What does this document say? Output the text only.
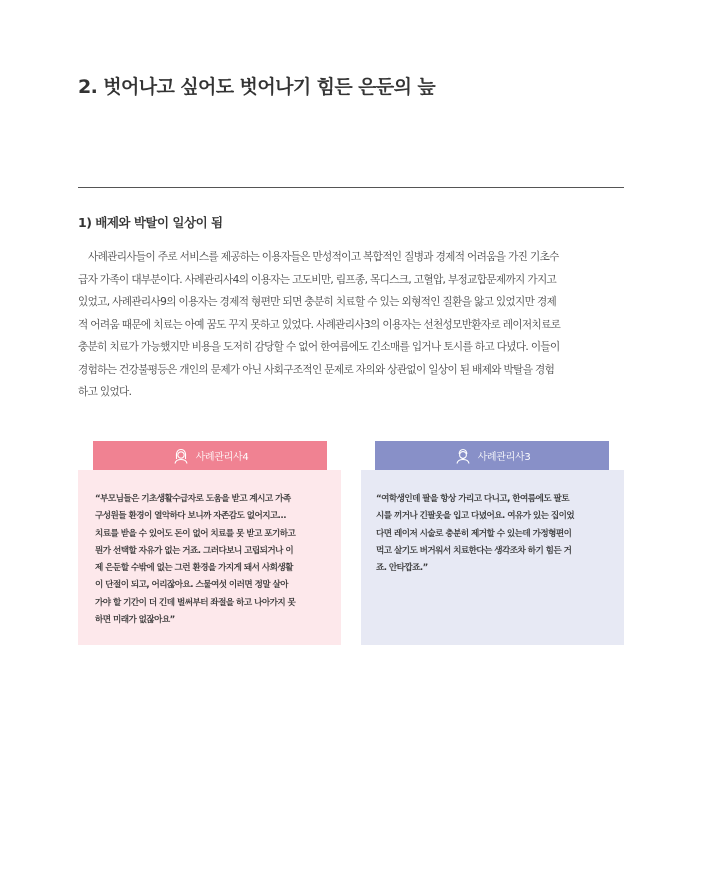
2. 벗어나고 싶어도 벗어나기 힘든 은둔의 늪
1) 배제와 박탈이 일상이 됨
사례관리사들이 주로 서비스를 제공하는 이용자들은 만성적이고 복합적인 질병과 경제적 어려움을 가진 기초수
급자 가족이 대부분이다. 사례관리사4의 이용자는 고도비만, 림프종, 목디스크, 고혈압, 부정교합문제까지 가지고
있었고, 사례관리사9의 이용자는 경제적 형편만 되면 충분히 치료할 수 있는 외형적인 질환을 앓고 있었지만 경제
적 어려움 때문에 치료는 아예 꿈도 꾸지 못하고 있었다. 사례관리사3의 이용자는 선천성모반환자로 레이저치료로
충분히 치료가 가능했지만 비용을 도저히 감당할 수 없어 한여름에도 긴소매를 입거나 토시를 하고 다녔다. 이들이
경험하는 건강불평등은 개인의 문제가 아닌 사회구조적인 문제로 자의와 상관없이 일상이 된 배제와 박탈을 경험
하고 있었다.
사례관리사4
“부모님들은 기초생활수급자로 도움을 받고 계시고 가족
구성원들 환경이 열악하다 보니까 자존감도 없어지고…
치료를 받을 수 있어도 돈이 없어 치료를 못 받고 포기하고
뭔가 선택할 자유가 없는 거죠. 그러다보니 고립되거나 이
제 은둔할 수밖에 없는 그런 환경을 가지게 돼서 사회생활
이 단절이 되고, 어리잖아요. 스물여섯 이러면 정말 살아
가야 할 기간이 더 긴데 벌써부터 좌절을 하고 나아가지 못
하면 미래가 없잖아요”
사례관리사3
“여학생인데 팔을 항상 가리고 다니고, 한여름에도 팔토
시를 끼거나 긴팔옷을 입고 다녔어요. 여유가 있는 집이었
다면 레이저 시술로 충분히 제거할 수 있는데 가정형편이
먹고 살기도 버거워서 치료한다는 생각조차 하기 힘든 거
죠. 안타깝죠.”
